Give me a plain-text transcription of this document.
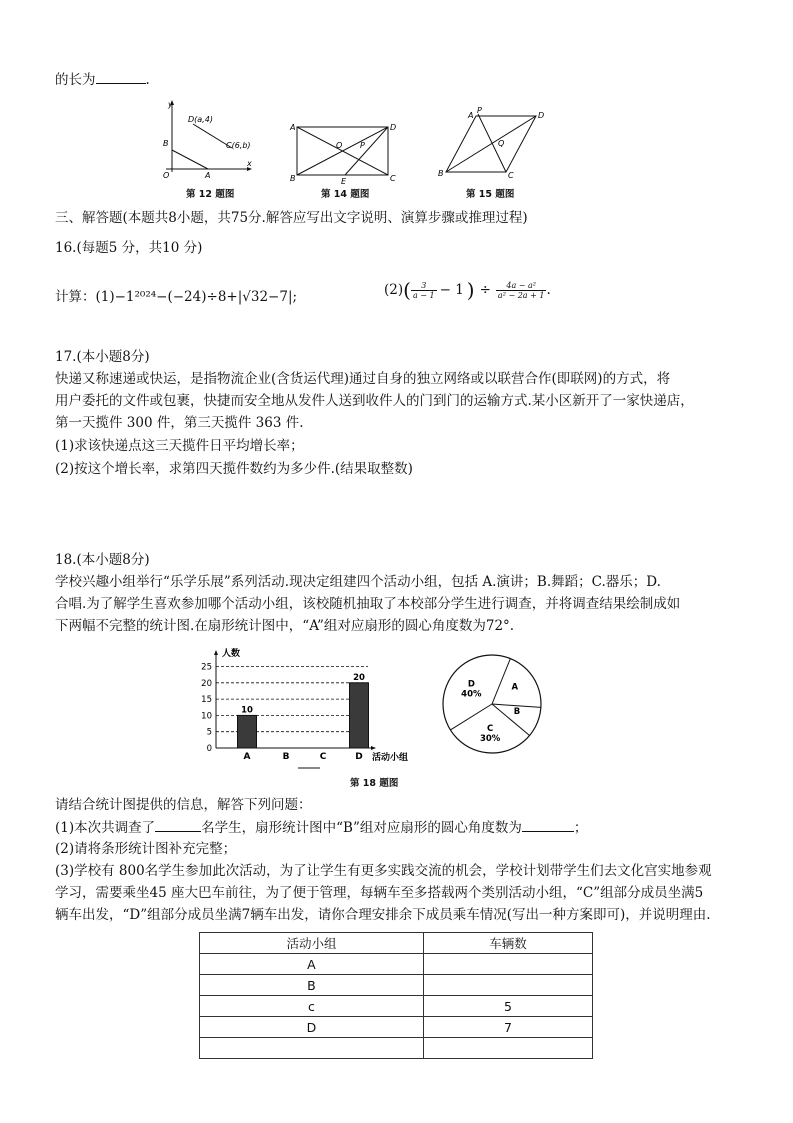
的长为	.
y
x
O	A
B
D(a,4)
C(6,b)
第 12 题图
A
B	C
D
E
O P
第 14 题图
A
P
D
B	C
Q
第 15 题图
三、解答题(本题共8小题，共75分.解答应写出文字说明、演算步骤或推理过程)
16.(每题5 分，共10 分)
计算：(1)−1²⁰²⁴−(−24)÷8+|√32−7|;	(2) ( $\frac{3}{a - 1} - 1$ ) ÷ $\frac{\text{4a − a²}}{\text{a² − 2a + 1}}$ .
17.(本小题8分)
快递又称速递或快运，是指物流企业(含货运代理)通过自身的独立网络或以联营合作(即联网)的方式，将
用户委托的文件或包裹，快捷而安全地从发件人送到收件人的门到门的运输方式.某小区新开了一家快递店，
第一天揽件 300 件，第三天揽件 363 件.
(1)求该快递点这三天揽件日平均增长率；
(2)按这个增长率，求第四天揽件数约为多少件.(结果取整数)
18.(本小题8分)
学校兴趣小组举行“乐学乐展”系列活动.现决定组建四个活动小组，包括 A.演讲；B.舞蹈；C.器乐；D.
合唱.为了解学生喜欢参加哪个活动小组，该校随机抽取了本校部分学生进行调查，并将调查结果绘制成如
下两幅不完整的统计图.在扇形统计图中，“A”组对应扇形的圆心角度数为72°.
人数
活动小组
0
5
10
15
20
25
10
A	B	C
20
D
A
B
C
30%
D
40%
第 18 题图
请结合统计图提供的信息，解答下列问题：
(1)本次共调查了	名学生，扇形统计图中“B”组对应扇形的圆心角度数为	；
(2)请将条形统计图补充完整；
(3)学校有 800名学生参加此次活动，为了让学生有更多实践交流的机会，学校计划带学生们去文化宫实地参观
学习，需要乘坐45 座大巴车前往，为了便于管理，每辆车至多搭载两个类别活动小组，“C”组部分成员坐满5
辆车出发，“D”组部分成员坐满7辆车出发，请你合理安排余下成员乘车情况(写出一种方案即可)，并说明理由.
活动小组	车辆数
A	
B	
c	5
D	7
